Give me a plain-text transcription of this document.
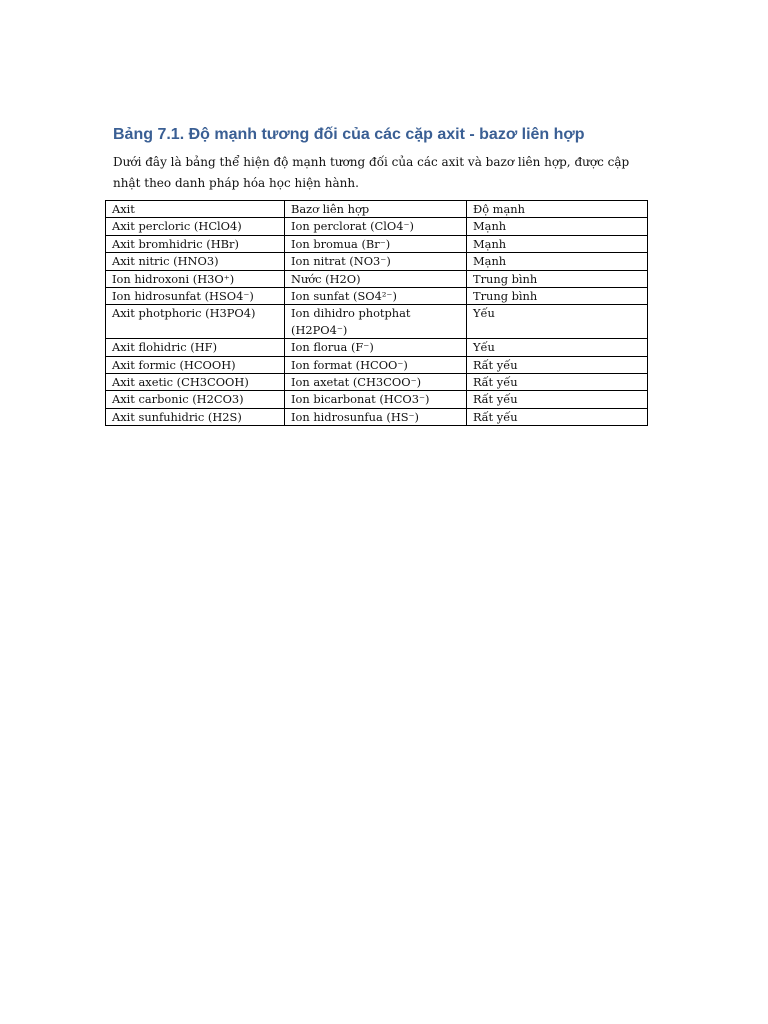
Bảng 7.1. Độ mạnh tương đối của các cặp axit - bazơ liên hợp

Dưới đây là bảng thể hiện độ mạnh tương đối của các axit và bazơ liên hợp, được cập nhật theo danh pháp hóa học hiện hành.

Axit	Bazơ liên hợp	Độ mạnh
Axit percloric (HClO4)	Ion perclorat (ClO4⁻)	Mạnh
Axit bromhidric (HBr)	Ion bromua (Br⁻)	Mạnh
Axit nitric (HNO3)	Ion nitrat (NO3⁻)	Mạnh
Ion hidroxoni (H3O⁺)	Nước (H2O)	Trung bình
Ion hidrosunfat (HSO4⁻)	Ion sunfat (SO4²⁻)	Trung bình
Axit photphoric (H3PO4)	Ion dihidro photphat (H2PO4⁻)	Yếu
Axit flohidric (HF)	Ion florua (F⁻)	Yếu
Axit formic (HCOOH)	Ion format (HCOO⁻)	Rất yếu
Axit axetic (CH3COOH)	Ion axetat (CH3COO⁻)	Rất yếu
Axit carbonic (H2CO3)	Ion bicarbonat (HCO3⁻)	Rất yếu
Axit sunfuhidric (H2S)	Ion hidrosunfua (HS⁻)	Rất yếu
